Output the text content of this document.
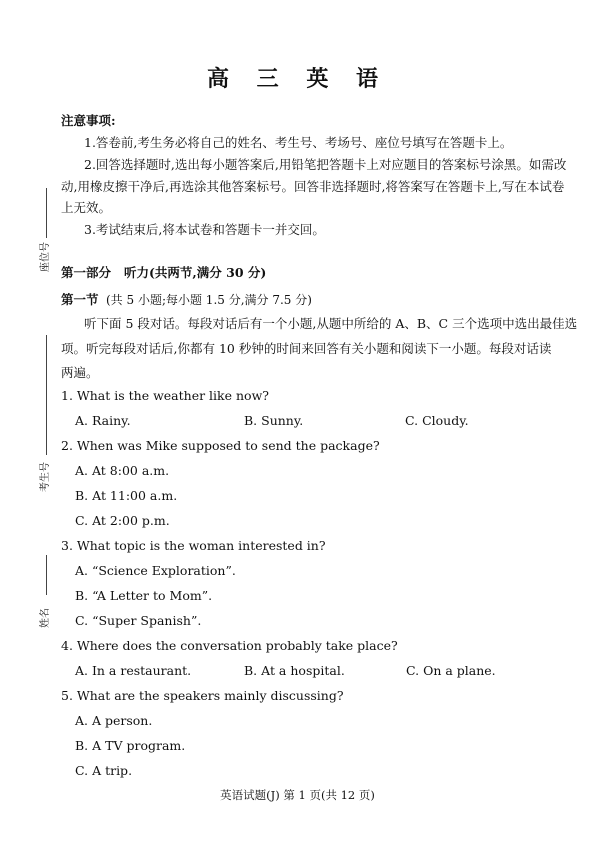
座位号
考生号
姓名
高 三 英 语
注意事项:
1.答卷前,考生务必将自己的姓名、考生号、考场号、座位号填写在答题卡上。
2.回答选择题时,选出每小题答案后,用铅笔把答题卡上对应题目的答案标号涂黑。如需改
动,用橡皮擦干净后,再选涂其他答案标号。回答非选择题时,将答案写在答题卡上,写在本试卷
上无效。
3.考试结束后,将本试卷和答题卡一并交回。
第一部分 听力(共两节,满分 30 分)
第一节 (共 5 小题;每小题 1.5 分,满分 7.5 分)
听下面 5 段对话。每段对话后有一个小题,从题中所给的 A、B、C 三个选项中选出最佳选
项。听完每段对话后,你都有 10 秒钟的时间来回答有关小题和阅读下一小题。每段对话读
两遍。
1. What is the weather like now?
A. Rainy.	B. Sunny.	C. Cloudy.
2. When was Mike supposed to send the package?
A. At 8:00 a.m.
B. At 11:00 a.m.
C. At 2:00 p.m.
3. What topic is the woman interested in?
A. “Science Exploration”.
B. “A Letter to Mom”.
C. “Super Spanish”.
4. Where does the conversation probably take place?
A. In a restaurant.	B. At a hospital.	C. On a plane.
5. What are the speakers mainly discussing?
A. A person.
B. A TV program.
C. A trip.
英语试题(J) 第 1 页(共 12 页)
